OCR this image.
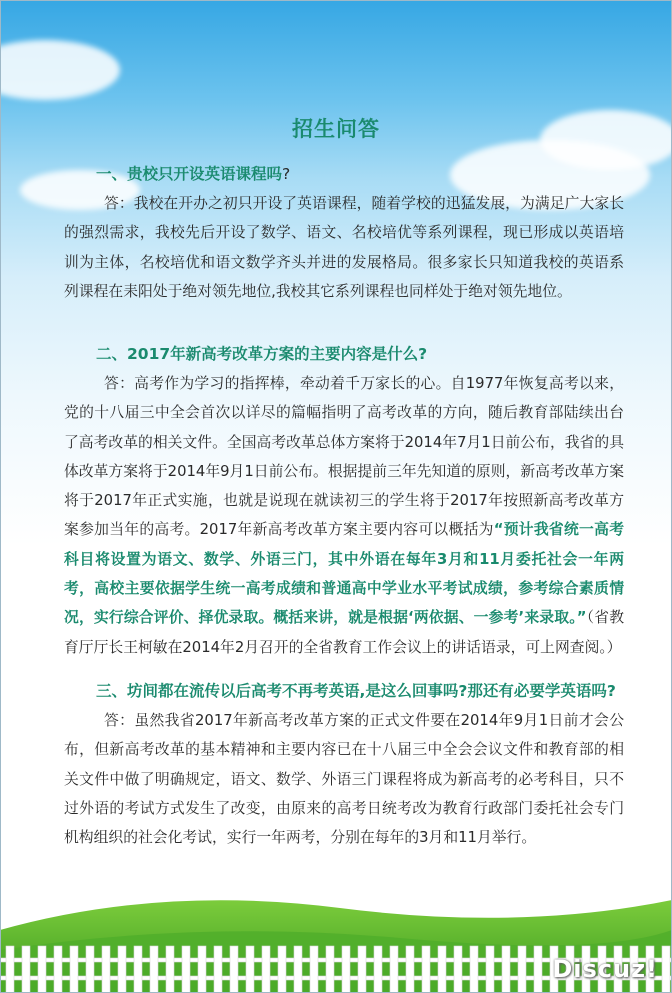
招生问答

一、贵校只开设英语课程吗?

答：我校在开办之初只开设了英语课程，随着学校的迅猛发展，为满足广大家长的强烈需求，我校先后开设了数学、语文、名校培优等系列课程，现已形成以英语培训为主体，名校培优和语文数学齐头并进的发展格局。很多家长只知道我校的英语系列课程在耒阳处于绝对领先地位,我校其它系列课程也同样处于绝对领先地位。

二、2017年新高考改革方案的主要内容是什么?

答：高考作为学习的指挥棒，牵动着千万家长的心。自1977年恢复高考以来，党的十八届三中全会首次以详尽的篇幅指明了高考改革的方向，随后教育部陆续出台了高考改革的相关文件。全国高考改革总体方案将于2014年7月1日前公布，我省的具体改革方案将于2014年9月1日前公布。根据提前三年先知道的原则，新高考改革方案将于2017年正式实施，也就是说现在就读初三的学生将于2017年按照新高考改革方案参加当年的高考。2017年新高考改革方案主要内容可以概括为“预计我省统一高考科目将设置为语文、数学、外语三门，其中外语在每年3月和11月委托社会一年两考，高校主要依据学生统一高考成绩和普通高中学业水平考试成绩，参考综合素质情况，实行综合评价、择优录取。概括来讲，就是根据‘两依据、一参考’来录取。”（省教育厅厅长王柯敏在2014年2月召开的全省教育工作会议上的讲话语录，可上网查阅。）

三、坊间都在流传以后高考不再考英语,是这么回事吗?那还有必要学英语吗?

答：虽然我省2017年新高考改革方案的正式文件要在2014年9月1日前才会公布，但新高考改革的基本精神和主要内容已在十八届三中全会会议文件和教育部的相关文件中做了明确规定，语文、数学、外语三门课程将成为新高考的必考科目，只不过外语的考试方式发生了改变，由原来的高考日统考改为教育行政部门委托社会专门机构组织的社会化考试，实行一年两考，分别在每年的3月和11月举行。

Discuz!
